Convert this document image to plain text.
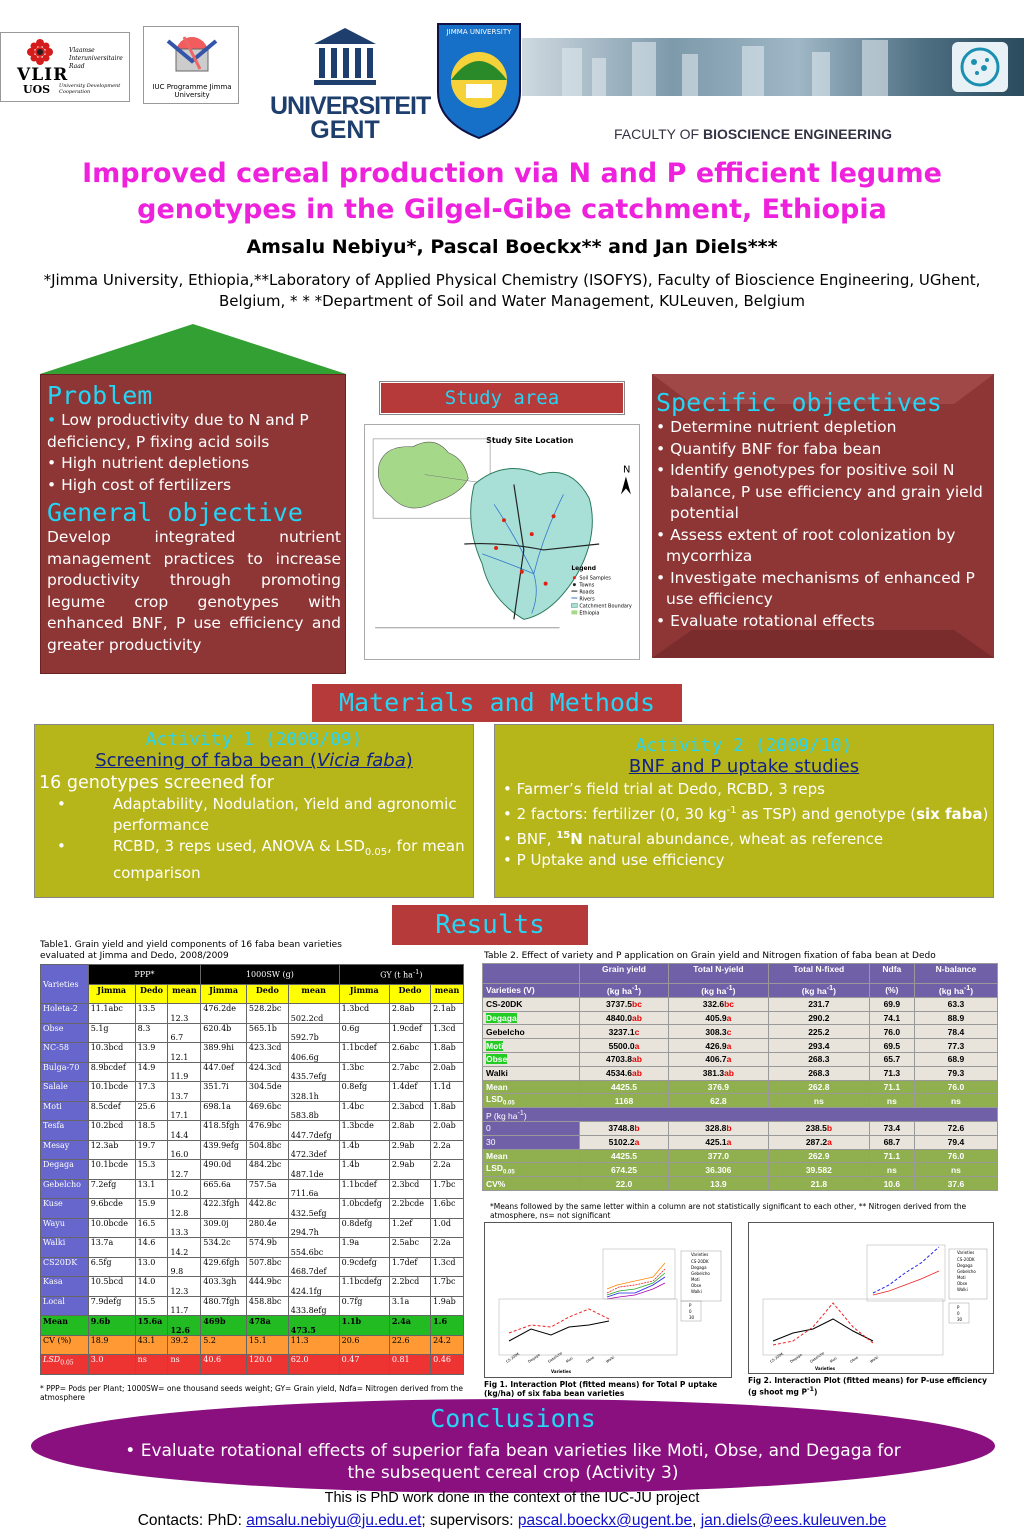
Vlaamse Interuniversitaire Raad
VLIR
UOS University Development Cooperation
IUC Programme Jimma University	UNIVERSITEIT
GENT
JIMMA UNIVERSITY
FACULTY OF BIOSCIENCE ENGINEERING
Improved cereal production via N and P efficient legume genotypes in the Gilgel-Gibe catchment, Ethiopia
Amsalu Nebiyu*, Pascal Boeckx** and Jan Diels***
*Jimma University, Ethiopia,**Laboratory of Applied Physical Chemistry (ISOFYS), Faculty of Bioscience Engineering, UGhent, Belgium, * * *Department of Soil and Water Management, KULeuven, Belgium
Problem
• Low productivity due to N and P deficiency, P fixing acid soils
• High nutrient depletions
• High cost of fertilizers
General objective
Develop integrated nutrient management practices to increase productivity through promoting legume crop genotypes with enhanced BNF, P use efficiency and greater productivity
Study area
Study Site Location
N
Legend
Soil Samples
Towns
Roads
Rivers
Catchment Boundary
Ethiopia
Specific objectives
• Determine nutrient depletion
• Quantify BNF for faba bean
• Identify genotypes for positive soil N balance, P use efficiency and grain yield potential
• Assess extent of root colonization by mycorrhiza
• Investigate mechanisms of enhanced P use efficiency
• Evaluate rotational effects
Materials and Methods
Activity 1 (2008/09)
Screening of faba bean (Vicia faba)
16 genotypes screened for
•	Adaptability, Nodulation, Yield and agronomic performance
•	RCBD, 3 reps used, ANOVA & $LSD_{0.05}$, for mean comparison
Activity 2 (2009/10)
BNF and P uptake studies
• Farmer’s field trial at Dedo, RCBD, 3 reps
• 2 factors: fertilizer (0, 30 $kg^{-1}$ as TSP) and genotype (six faba)
• BNF, $^{15}$N natural abundance, wheat as reference
• P Uptake and use efficiency
Results
Table1. Grain yield and yield components of 16 faba bean varieties evaluated at Jimma and Dedo, 2008/2009
Varieties	PPP*			1000SW (g)			GY (t $ha^{-1}$)		
	Jimma	Dedo	mean	Jimma	Dedo	mean	Jimma	Dedo	mean
Holeta-2	11.1abc	13.5	12.3	476.2de	528.2bc	502.2cd	1.3bcd	2.8ab	2.1ab
Obse	5.1g	8.3	6.7	620.4b	565.1b	592.7b	0.6g	1.9cdef	1.3cd
NC-58	10.3bcd	13.9	12.1	389.9hi	423.3cd	406.6g	1.1bcdef	2.6abc	1.8ab
Bulga-70	8.9bcdef	14.9	11.9	447.0ef	424.3cd	435.7efg	1.3bc	2.7abc	2.0ab
Salale	10.1bcde	17.3	13.7	351.7i	304.5de	328.1h	0.8efg	1.4def	1.1d
Moti	8.5cdef	25.6	17.1	698.1a	469.6bc	583.8b	1.4bc	2.3abcd	1.8ab
Tesfa	10.2bcd	18.5	14.4	418.5fgh	476.9bc	447.7defg	1.3bcde	2.8ab	2.0ab
Mesay	12.3ab	19.7	16.0	439.9efg	504.8bc	472.3def	1.4b	2.9ab	2.2a
Degaga	10.1bcde	15.3	12.7	490.0d	484.2bc	487.1de	1.4b	2.9ab	2.2a
Gebelcho	7.2efg	13.1	10.2	665.6a	757.5a	711.6a	1.1bcdef	2.3bcd	1.7bc
Kuse	9.6bcde	15.9	12.8	422.3fgh	442.8c	432.5efg	1.0bcdefg	2.2bcde	1.6bc
Wayu	10.0bcde	16.5	13.3	309.0j	280.4e	294.7h	0.8defg	1.2ef	1.0d
Walki	13.7a	14.6	14.2	534.2c	574.9b	554.6bc	1.9a	2.5abc	2.2a
CS20DK	6.5fg	13.0	9.8	429.6fgh	507.8bc	468.7def	0.9cdefg	1.7def	1.3cd
Kasa	10.5bcd	14.0	12.3	403.3gh	444.9bc	424.1fg	1.1bcdefg	2.2bcd	1.7bc
Local	7.9defg	15.5	11.7	480.7fgh	458.8bc	433.8efg	0.7fg	3.1a	1.9ab
Mean	9.6b	15.6a	12.6	469b	478a	473.5	1.1b	2.4a	1.6
CV (%)	18.9	43.1	39.2	5.2	15.1	11.3	20.6	22.6	24.2
$LSD_{0.05}$	3.0	ns	ns	40.6	120.0	62.0	0.47	0.81	0.46
* PPP= Pods per Plant; 1000SW= one thousand seeds weight; GY= Grain yield, Ndfa= Nitrogen derived from the atmosphere
Table 2. Effect of variety and P application on Grain yield and Nitrogen fixation of faba bean at Dedo
	Grain yield	Total N-yield	Total N-fixed	Ndfa	N-balance
Varieties (V)	(kg $ha^{-1}$)	(kg $ha^{-1}$)	(kg $ha^{-1}$)	(%)	(kg $ha^{-1}$)
CS-20DK	3737.5bc	332.6bc	231.7	69.9	63.3
Degaga	4840.0ab	405.9a	290.2	74.1	88.9
Gebelcho	3237.1c	308.3c	225.2	76.0	78.4
Moti	5500.0a	426.9a	293.4	69.5	77.3
Obse	4703.8ab	406.7a	268.3	65.7	68.9
Walki	4534.6ab	381.3ab	268.3	71.3	79.3
Mean	4425.5	376.9	262.8	71.1	76.0
$LSD_{0.05}$	1168	62.8	ns	ns	ns
P (kg $ha^{-1}$)					
0	3748.8b	328.8b	238.5b	73.4	72.6
30	5102.2a	425.1a	287.2a	68.7	79.4
Mean	4425.5	377.0	262.9	71.1	76.0
$LSD_{0.05}$	674.25	36.306	39.582	ns	ns
CV%	22.0	13.9	21.8	10.6	37.6
*Means followed by the same letter within a column are not statistically significant to each other, ** Nitrogen derived from the atmosphere, ns= not significant
Varieties
CS-20DK
Degaga
Gebelcho
Moti
Obse
Walki
P
0
30
CS-20DK Degaga Gebelcho Moti	Obse	Walki
Varieties
Fig 1. Interaction Plot (fitted means) for Total P uptake (kg/ha) of six faba bean varieties
Varieties
CS-20DK
Degaga
Gebelcho
Moti
Obse
Walki
P
0
30
CS-20DK Degaga Gebelcho Moti	Obse	Walki
Varieties
Fig 2. Interaction Plot (fitted means) for P-use efficiency (g shoot mg $P^{-1}$)
Conclusions
• Evaluate rotational effects of superior fafa bean varieties like Moti, Obse, and Degaga for the subsequent cereal crop (Activity 3)
This is PhD work done in the context of the IUC-JU project
Contacts: PhD: amsalu.nebiyu@ju.edu.et; supervisors: pascal.boeckx@ugent.be, jan.diels@ees.kuleuven.be
